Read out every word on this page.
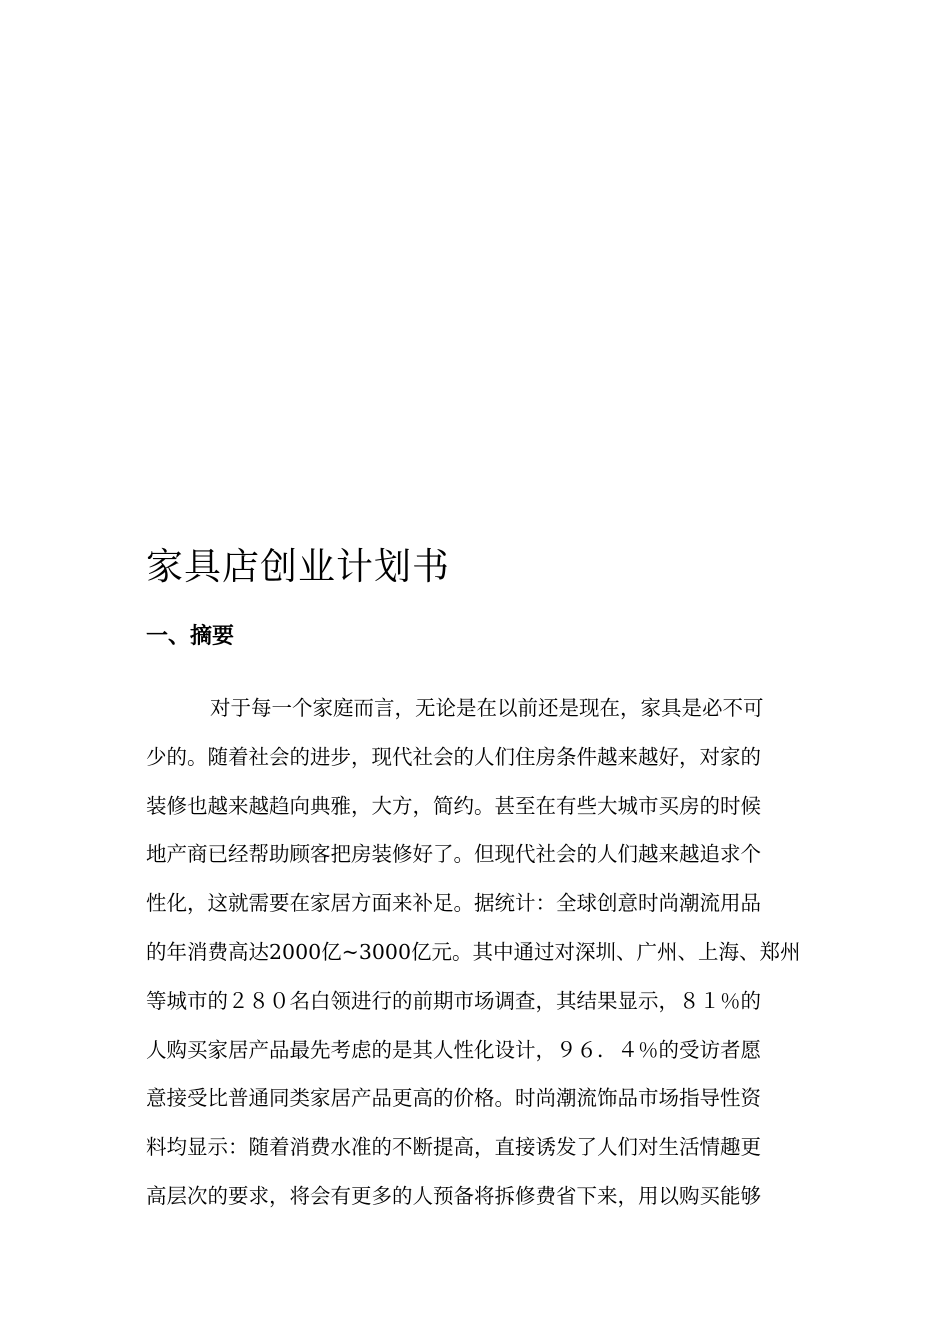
家具店创业计划书
一、摘要
对于每一个家庭而言，无论是在以前还是现在，家具是必不可
少的。随着社会的进步，现代社会的人们住房条件越来越好，对家的
装修也越来越趋向典雅，大方，简约。甚至在有些大城市买房的时候
地产商已经帮助顾客把房装修好了。但现代社会的人们越来越追求个
性化，这就需要在家居方面来补足。据统计：全球创意时尚潮流用品
的年消费高达2000亿~3000亿元。其中通过对深圳、广州、上海、郑州
等城市的２８０名白领进行的前期市场调查，其结果显示，８１％的
人购买家居产品最先考虑的是其人性化设计，９６．４％的受访者愿
意接受比普通同类家居产品更高的价格。时尚潮流饰品市场指导性资
料均显示：随着消费水准的不断提高，直接诱发了人们对生活情趣更
高层次的要求，将会有更多的人预备将拆修费省下来，用以购买能够
